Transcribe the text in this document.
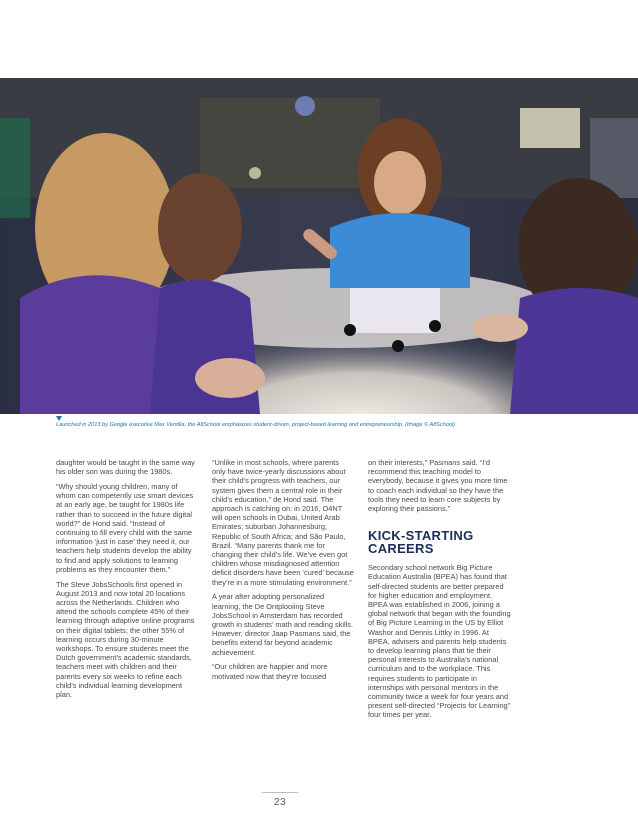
Launched in 2013 by Google executive Max Ventilla, the AltSchool emphasizes student-driven, project-based learning and entrepreneurship. (Image © AltSchool)

daughter would be taught in the same way his older son was during the 1980s.

“Why should young children, many of whom can competently use smart devices at an early age, be taught for 1980s life rather than to succeed in the future digital world?” de Hond said. “Instead of continuing to fill every child with the same information ‘just in case’ they need it, our teachers help students develop the ability to find and apply solutions to learning problems as they encounter them.”

The Steve JobsSchools first opened in August 2013 and now total 20 locations across the Netherlands. Children who attend the schools complete 45% of their learning through adaptive online programs on their digital tablets; the other 55% of learning occurs during 30-minute workshops. To ensure students meet the Dutch government’s academic standards, teachers meet with children and their parents every six weeks to refine each child’s individual learning development plan.

“Unlike in most schools, where parents only have twice-yearly discussions about their child’s progress with teachers, our system gives them a central role in their child’s education,” de Hond said. The approach is catching on: in 2016, O4NT will open schools in Dubai, United Arab Emirates; suburban Johannesburg, Republic of South Africa; and São Paulo, Brazil. “Many parents thank me for changing their child’s life. We’ve even got children whose misdiagnosed attention deficit disorders have been ‘cured’ because they’re in a more stimulating environment.”

A year after adopting personalized learning, the De Ontplooiing Steve JobsSchool in Amsterdam has recorded growth in students’ math and reading skills. However, director Jaap Pasmans said, the benefits extend far beyond academic achievement.

“Our children are happier and more motivated now that they’re focused

on their interests,” Pasmans said. “I’d recommend this teaching model to everybody, because it gives you more time to coach each individual so they have the tools they need to learn core subjects by exploring their passions.”

KICK-STARTING CAREERS

Secondary school network Big Picture Education Australia (BPEA) has found that self-directed students are better prepared for higher education and employment. BPEA was established in 2006, joining a global network that began with the founding of Big Picture Learning in the US by Elliot Washor and Dennis Littky in 1996. At BPEA, advisers and parents help students to develop learning plans that tie their personal interests to Australia’s national curriculum and to the workplace. This requires students to participate in internships with personal mentors in the community twice a week for four years and present self-directed “Projects for Learning” four times per year.

23
